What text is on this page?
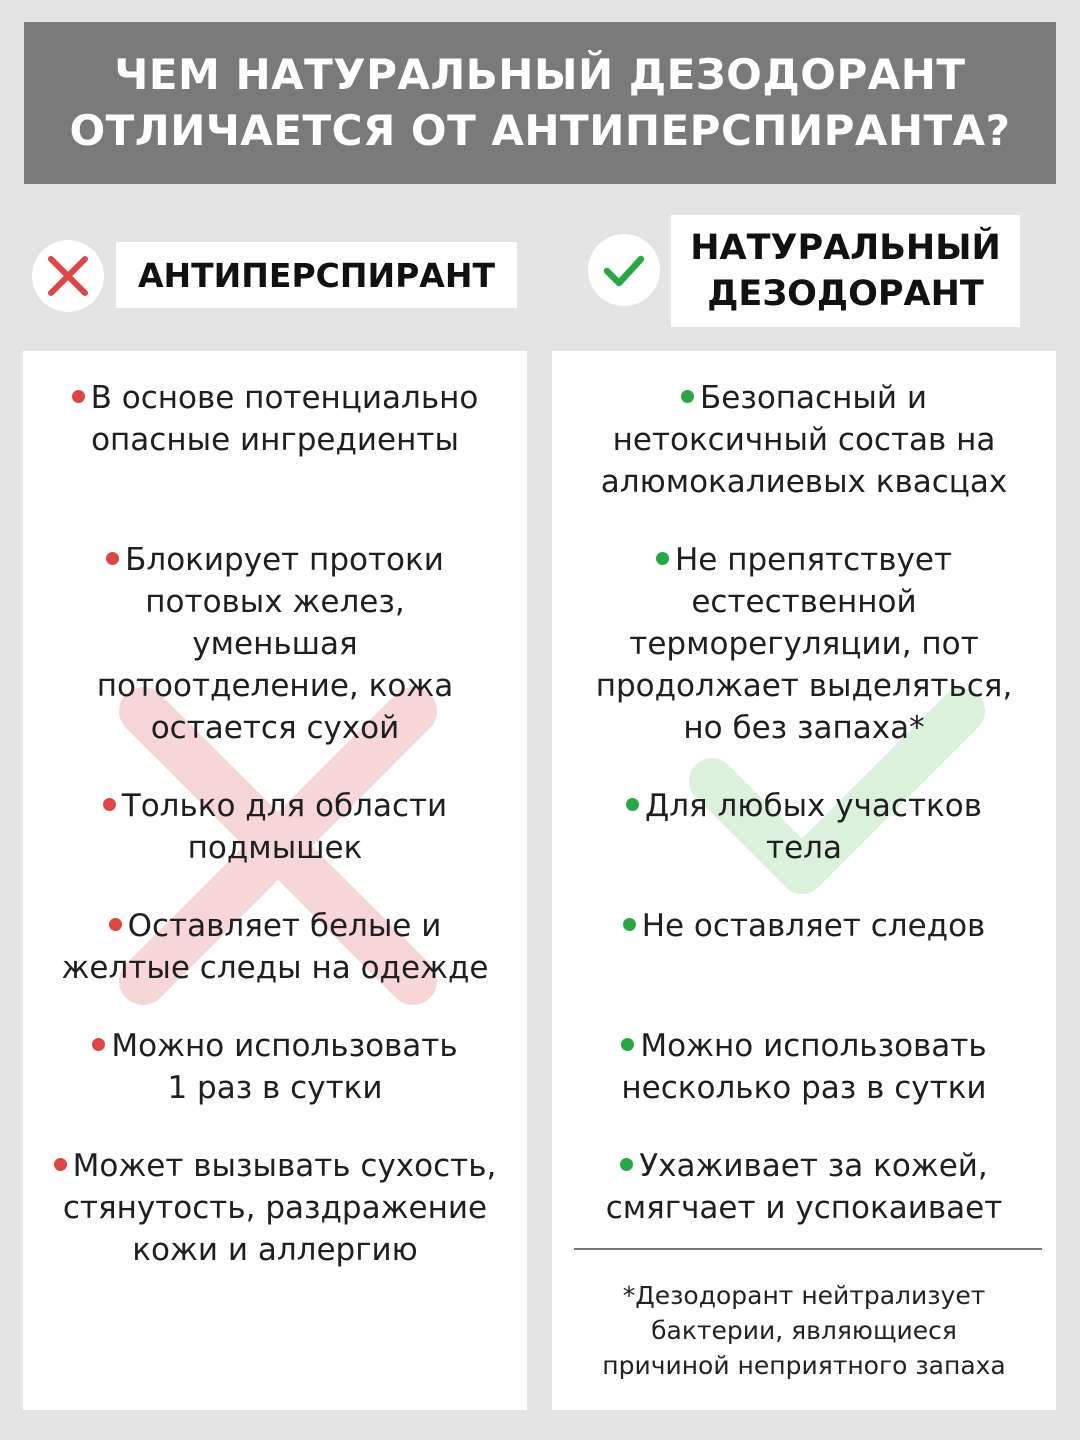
ЧЕМ НАТУРАЛЬНЫЙ ДЕЗОДОРАНТ
ОТЛИЧАЕТСЯ ОТ АНТИПЕРСПИРАНТА?
АНТИПЕРСПИРАНТ
НАТУРАЛЬНЫЙ
ДЕЗОДОРАНТ
В основе потенциально
опасные ингредиенты
Блокирует протоки
потовых желез,
уменьшая
потоотделение, кожа
остается сухой
Только для области
подмышек
Оставляет белые и
желтые следы на одежде
Можно использовать
1 раз в сутки
Может вызывать сухость,
стянутость, раздражение
кожи и аллергию
Безопасный и
нетоксичный состав на
алюмокалиевых квасцах
Не препятствует
естественной
терморегуляции, пот
продолжает выделяться,
но без запаха*
Для любых участков
тела
Не оставляет следов
Можно использовать
несколько раз в сутки
Ухаживает за кожей,
смягчает и успокаивает
*Дезодорант нейтрализует
бактерии, являющиеся
причиной неприятного запаха
